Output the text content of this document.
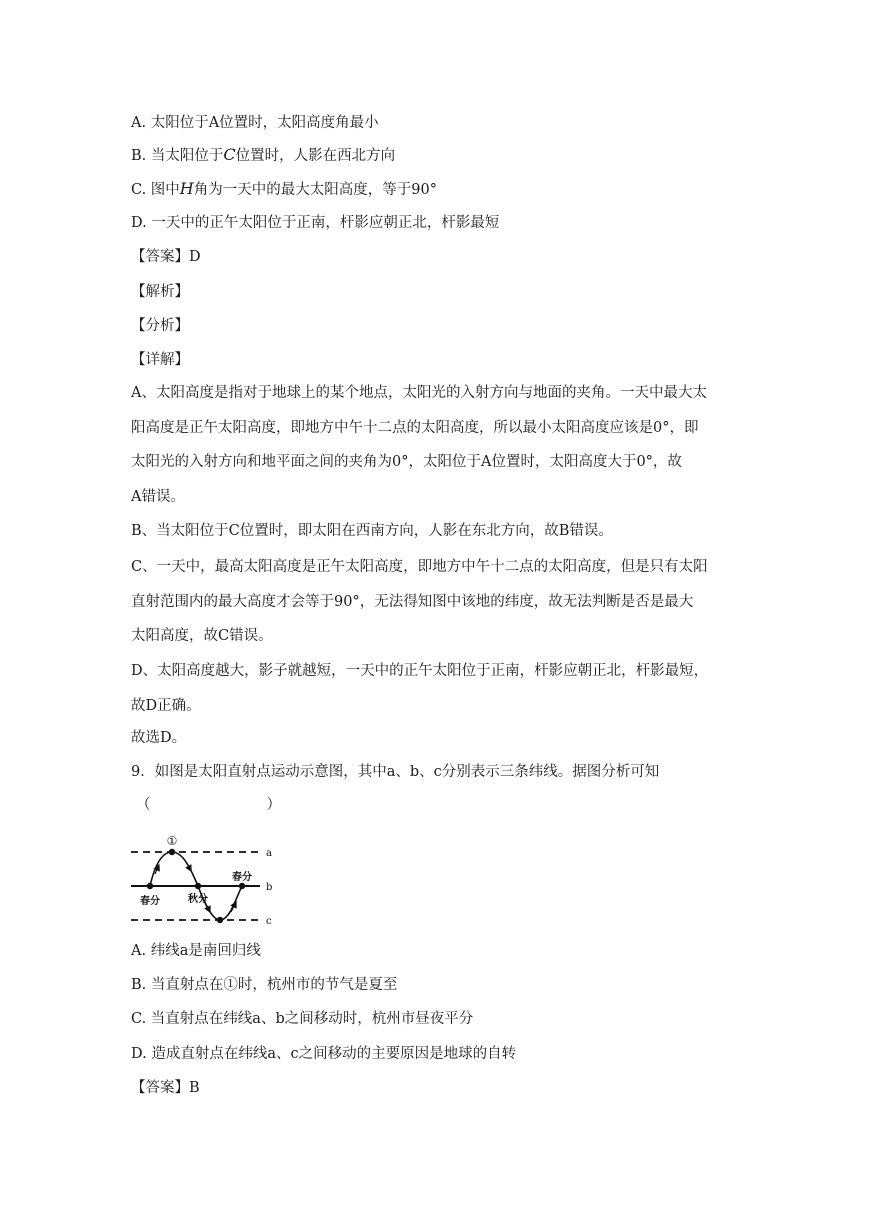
A. 太阳位于A位置时，太阳高度角最小
B. 当太阳位于C位置时，人影在西北方向
C. 图中H角为一天中的最大太阳高度，等于90°
D. 一天中的正午太阳位于正南，杆影应朝正北，杆影最短
【答案】D
【解析】
【分析】
【详解】
A、太阳高度是指对于地球上的某个地点，太阳光的入射方向与地面的夹角。一天中最大太
阳高度是正午太阳高度，即地方中午十二点的太阳高度，所以最小太阳高度应该是0°，即
太阳光的入射方向和地平面之间的夹角为0°，太阳位于A位置时，太阳高度大于0°，故
A错误。
B、当太阳位于C位置时，即太阳在西南方向，人影在东北方向，故B错误。
C、一天中，最高太阳高度是正午太阳高度，即地方中午十二点的太阳高度，但是只有太阳
直射范围内的最大高度才会等于90°，无法得知图中该地的纬度，故无法判断是否是最大
太阳高度，故C错误。
D、太阳高度越大，影子就越短，一天中的正午太阳位于正南，杆影应朝正北，杆影最短，
故D正确。
故选D。
9．如图是太阳直射点运动示意图，其中a、b、c分别表示三条纬线。据图分析可知
（　　　　　　　　）
①
a
b
c
春分	秋分
春分
A. 纬线a是南回归线
B. 当直射点在①时，杭州市的节气是夏至
C. 当直射点在纬线a、b之间移动时，杭州市昼夜平分
D. 造成直射点在纬线a、c之间移动的主要原因是地球的自转
【答案】B
